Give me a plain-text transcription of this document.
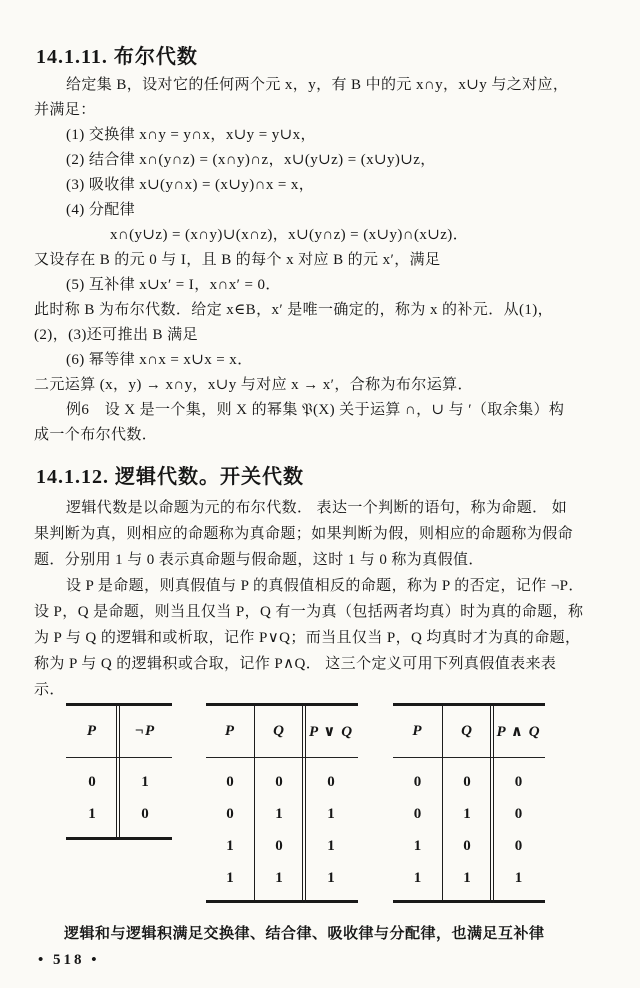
14.1.11. 布尔代数
给定集 B，设对它的任何两个元 x，y，有 B 中的元 x∩y，x∪y 与之对应，
并满足：
(1) 交换律 x∩y = y∩x，x∪y = y∪x，
(2) 结合律 x∩(y∩z) = (x∩y)∩z，x∪(y∪z) = (x∪y)∪z，
(3) 吸收律 x∪(y∩x) = (x∪y)∩x = x，
(4) 分配律
x∩(y∪z) = (x∩y)∪(x∩z)，x∪(y∩z) = (x∪y)∩(x∪z)．
又设存在 B 的元 0 与 I，且 B 的每个 x 对应 B 的元 x′，满足
(5) 互补律 x∪x′ = I，x∩x′ = 0．
此时称 B 为布尔代数．给定 x∈B，x′ 是唯一确定的，称为 x 的补元．从(1)，
(2)，(3)还可推出 B 满足
(6) 幂等律 x∩x = x∪x = x．
二元运算 (x，y) → x∩y，x∪y 与对应 x → x′，合称为布尔运算．
例6　设 X 是一个集，则 X 的幂集 𝔓(X) 关于运算 ∩，∪ 与 ′（取余集）构
成一个布尔代数．
14.1.12. 逻辑代数。开关代数
逻辑代数是以命题为元的布尔代数． 表达一个判断的语句，称为命题． 如
果判断为真，则相应的命题称为真命题；如果判断为假，则相应的命题称为假命
题．分别用 1 与 0 表示真命题与假命题，这时 1 与 0 称为真假值．
设 P 是命题，则真假值与 P 的真假值相反的命题，称为 P 的否定，记作 ¬P．
设 P，Q 是命题，则当且仅当 P，Q 有一为真（包括两者均真）时为真的命题，称
为 P 与 Q 的逻辑和或析取，记作 P∨Q；而当且仅当 P，Q 均真时才为真的命题，
称为 P 与 Q 的逻辑积或合取，记作 P∧Q． 这三个定义可用下列真假值表来表
示．
P	¬P
0	1
1	0
P	Q	P ∨ Q
0	0	0
0	1	1
1	0	1
1	1	1
P	Q	P ∧ Q
0	0	0
0	1	0
1	0	0
1	1	1
逻辑和与逻辑积满足交换律、结合律、吸收律与分配律，也满足互补律
• 518 •
